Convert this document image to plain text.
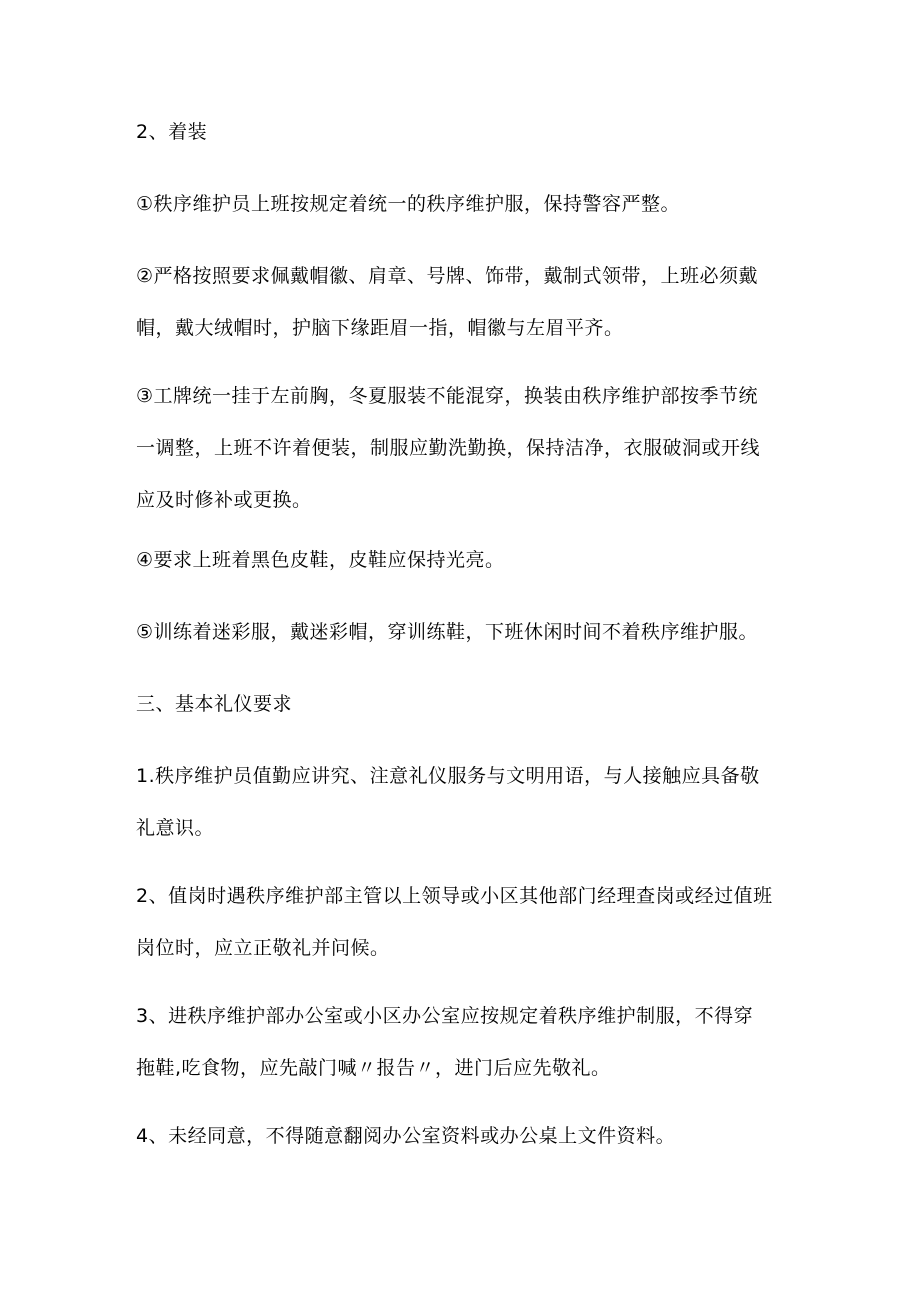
2、着装
①秩序维护员上班按规定着统一的秩序维护服，保持警容严整。
②严格按照要求佩戴帽徽、肩章、号牌、饰带，戴制式领带，上班必须戴
帽，戴大绒帽时，护脑下缘距眉一指，帽徽与左眉平齐。
③工牌统一挂于左前胸，冬夏服装不能混穿，换装由秩序维护部按季节统
一调整，上班不许着便装，制服应勤洗勤换，保持洁净，衣服破洞或开线
应及时修补或更换。
④要求上班着黑色皮鞋，皮鞋应保持光亮。
⑤训练着迷彩服，戴迷彩帽，穿训练鞋，下班休闲时间不着秩序维护服。
三、基本礼仪要求
1.秩序维护员值勤应讲究、注意礼仪服务与文明用语，与人接触应具备敬
礼意识。
2、值岗时遇秩序维护部主管以上领导或小区其他部门经理查岗或经过值班
岗位时，应立正敬礼并问候。
3、进秩序维护部办公室或小区办公室应按规定着秩序维护制服，不得穿
拖鞋,吃食物，应先敲门喊〃报告〃，进门后应先敬礼。
4、未经同意，不得随意翻阅办公室资料或办公桌上文件资料。
